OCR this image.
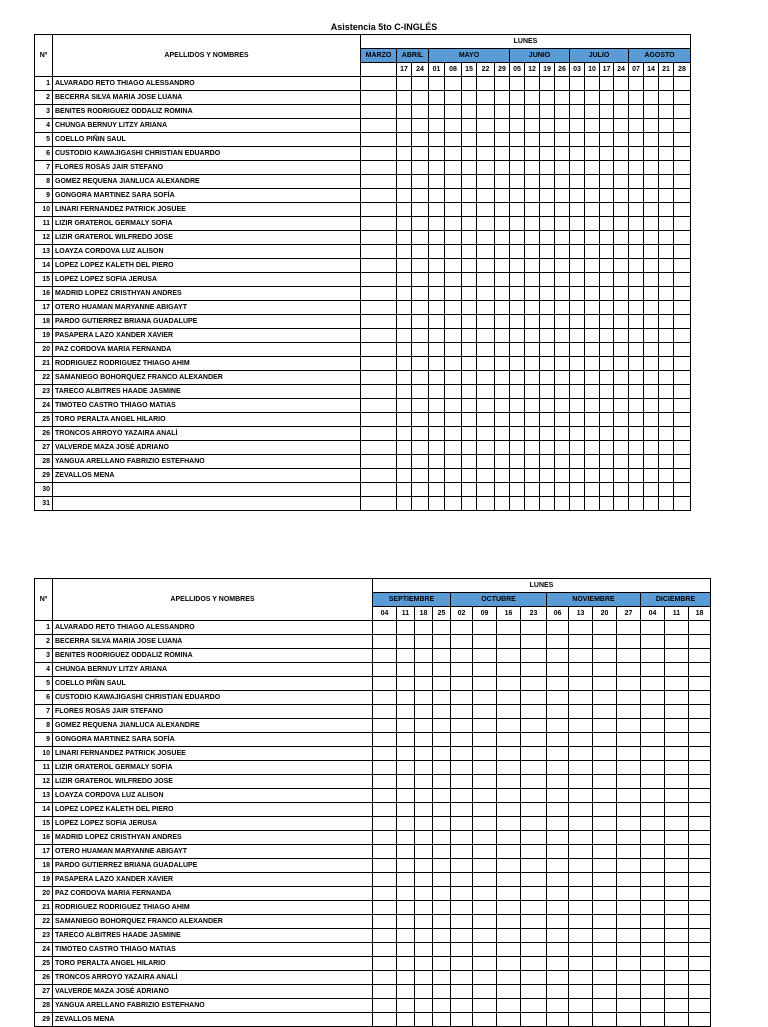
Asistencia 5to C-INGLÉS
Nº	APELLIDOS Y NOMBRES	LUNES																			
		MARZO	ABRIL		MAYO					JUNIO				JULIO				AGOSTO			
			17	24	01	08	15	22	29	05	12	19	26	03	10	17	24	07	14	21	28
1	ALVARADO RETO THIAGO ALESSANDRO																				
2	BECERRA SILVA MARIA JOSE LUANA																				
3	BENITES RODRIGUEZ ODDALIZ ROMINA																				
4	CHUNGA BERNUY LITZY ARIANA																				
5	COELLO PIÑIN SAUL																				
6	CUSTODIO KAWAJIGASHI CHRISTIAN EDUARDO																				
7	FLORES ROSAS JAIR STEFANO																				
8	GOMEZ REQUENA JIANLUCA ALEXANDRE																				
9	GONGORA MARTINEZ SARA SOFÍA																				
10	LINARI FERNANDEZ PATRICK JOSUEE																				
11	LIZIR GRATEROL GERMALY SOFIA																				
12	LIZIR GRATEROL WILFREDO JOSE																				
13	LOAYZA CORDOVA LUZ ALISON																				
14	LOPEZ LOPEZ KALETH DEL PIERO																				
15	LOPEZ LOPEZ SOFIA JERUSA																				
16	MADRID LOPEZ CRISTHYAN ANDRES																				
17	OTERO HUAMAN MARYANNE ABIGAYT																				
18	PARDO GUTIERREZ BRIANA GUADALUPE																				
19	PASAPERA LAZO XANDER XAVIER																				
20	PAZ CORDOVA MARIA FERNANDA																				
21	RODRIGUEZ RODRIGUEZ THIAGO AHIM																				
22	SAMANIEGO BOHORQUEZ FRANCO ALEXANDER																				
23	TARECO ALBITRES HAADE JASMINE																				
24	TIMOTEO CASTRO THIAGO MATIAS																				
25	TORO PERALTA ANGEL HILARIO																				
26	TRONCOS ARROYO YAZAIRA ANALÍ																				
27	VALVERDE MAZA JOSÉ ADRIANO																				
28	YANGUA ARELLANO FABRIZIO ESTEFHANO																				
29	ZEVALLOS MENA																				
30																					
31																					
Nº	APELLIDOS Y NOMBRES	LUNES														
		SEPTIEMBRE				OCTUBRE				NOVIEMBRE				DICIEMBRE		
		04	11	18	25	02	09	16	23	06	13	20	27	04	11	18
1	ALVARADO RETO THIAGO ALESSANDRO															
2	BECERRA SILVA MARIA JOSE LUANA															
3	BENITES RODRIGUEZ ODDALIZ ROMINA															
4	CHUNGA BERNUY LITZY ARIANA															
5	COELLO PIÑIN SAUL															
6	CUSTODIO KAWAJIGASHI CHRISTIAN EDUARDO															
7	FLORES ROSAS JAIR STEFANO															
8	GOMEZ REQUENA JIANLUCA ALEXANDRE															
9	GONGORA MARTINEZ SARA SOFÍA															
10	LINARI FERNANDEZ PATRICK JOSUEE															
11	LIZIR GRATEROL GERMALY SOFIA															
12	LIZIR GRATEROL WILFREDO JOSE															
13	LOAYZA CORDOVA LUZ ALISON															
14	LOPEZ LOPEZ KALETH DEL PIERO															
15	LOPEZ LOPEZ SOFIA JERUSA															
16	MADRID LOPEZ CRISTHYAN ANDRES															
17	OTERO HUAMAN MARYANNE ABIGAYT															
18	PARDO GUTIERREZ BRIANA GUADALUPE															
19	PASAPERA LAZO XANDER XAVIER															
20	PAZ CORDOVA MARIA FERNANDA															
21	RODRIGUEZ RODRIGUEZ THIAGO AHIM															
22	SAMANIEGO BOHORQUEZ FRANCO ALEXANDER															
23	TARECO ALBITRES HAADE JASMINE															
24	TIMOTEO CASTRO THIAGO MATIAS															
25	TORO PERALTA ANGEL HILARIO															
26	TRONCOS ARROYO YAZAIRA ANALÍ															
27	VALVERDE MAZA JOSÉ ADRIANO															
28	YANGUA ARELLANO FABRIZIO ESTEFHANO															
29	ZEVALLOS MENA															
